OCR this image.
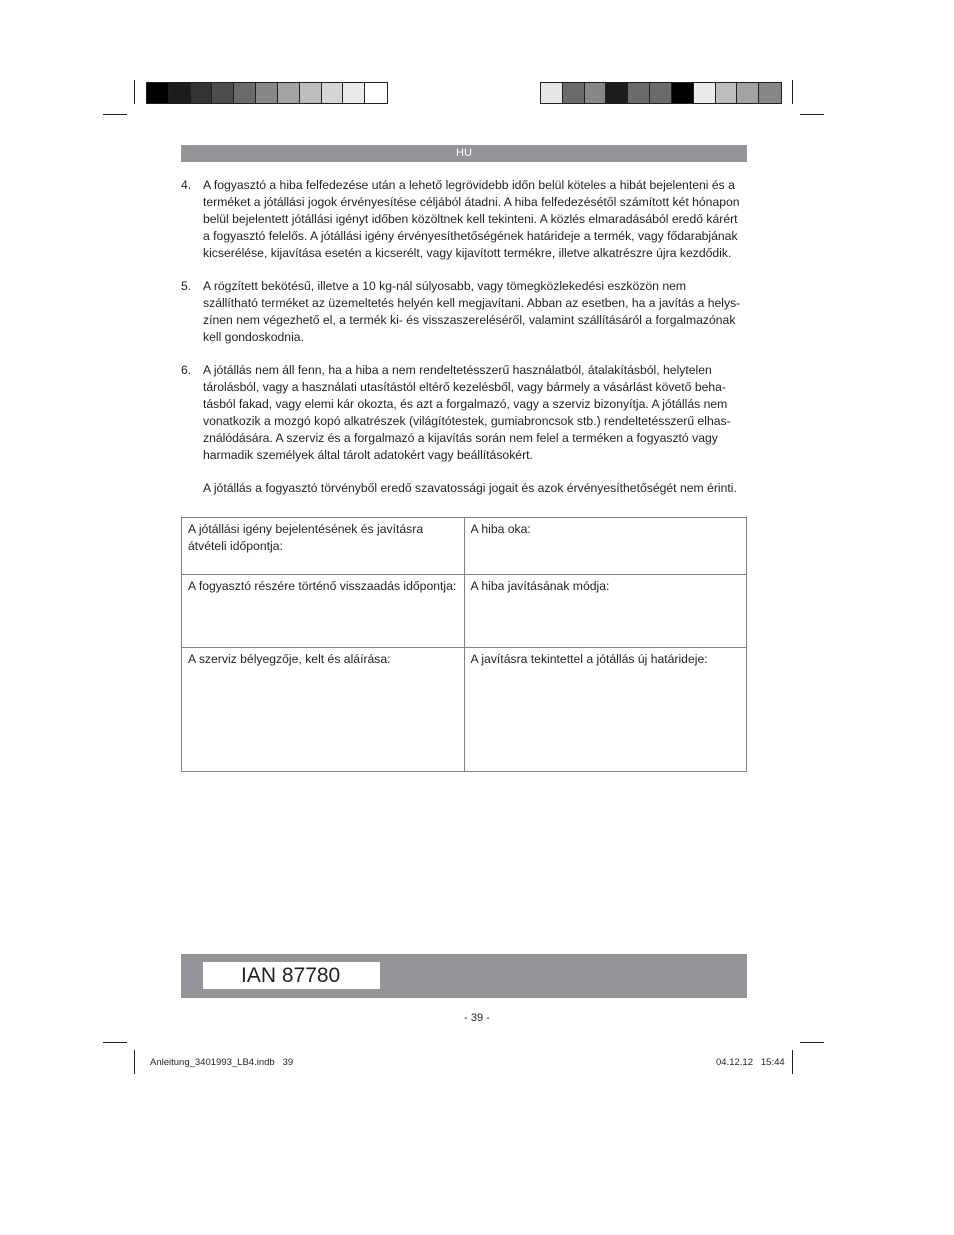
HU
4. A fogyasztó a hiba felfedezése után a lehető legrövidebb időn belül köteles a hibát bejelenteni és a
terméket a jótállási jogok érvényesítése céljából átadni. A hiba felfedezésétől számított két hónapon
belül bejelentett jótállási igényt időben közöltnek kell tekinteni. A közlés elmaradásából eredő kárért
a fogyasztó felelős. A jótállási igény érvényesíthetőségének határideje a termék, vagy fődarabjának
kicserélése, kijavítása esetén a kicserélt, vagy kijavított termékre, illetve alkatrészre újra kezdődik.
5. A rögzített bekötésű, illetve a 10 kg-nál súlyosabb, vagy tömegközlekedési eszközön nem
szállítható terméket az üzemeltetés helyén kell megjavítani. Abban az esetben, ha a javítás a helys-
zínen nem végezhető el, a termék ki- és visszaszereléséről, valamint szállításáról a forgalmazónak
kell gondoskodnia.
6. A jótállás nem áll fenn, ha a hiba a nem rendeltetésszerű használatból, átalakításból, helytelen
tárolásból, vagy a használati utasítástól eltérő kezelésből, vagy bármely a vásárlást követő beha-
tásból fakad, vagy elemi kár okozta, és azt a forgalmazó, vagy a szerviz bizonyítja. A jótállás nem
vonatkozik a mozgó kopó alkatrészek (világítótestek, gumiabroncsok stb.) rendeltetésszerű elhas-
ználódására. A szerviz és a forgalmazó a kijavítás során nem felel a terméken a fogyasztó vagy
harmadik személyek által tárolt adatokért vagy beállításokért.
A jótállás a fogyasztó törvényből eredő szavatossági jogait és azok érvényesíthetőségét nem érinti.
A jótállási igény bejelentésének és javításra átvételi időpontja:	A hiba oka:
A fogyasztó részére történő visszaadás időpontja:	A hiba javításának módja:
A szerviz bélyegzője, kelt és aláírása:	A javításra tekintettel a jótállás új határideje:
IAN 87780
- 39 -
Anleitung_3401993_LB4.indb   39	04.12.12   15:44
